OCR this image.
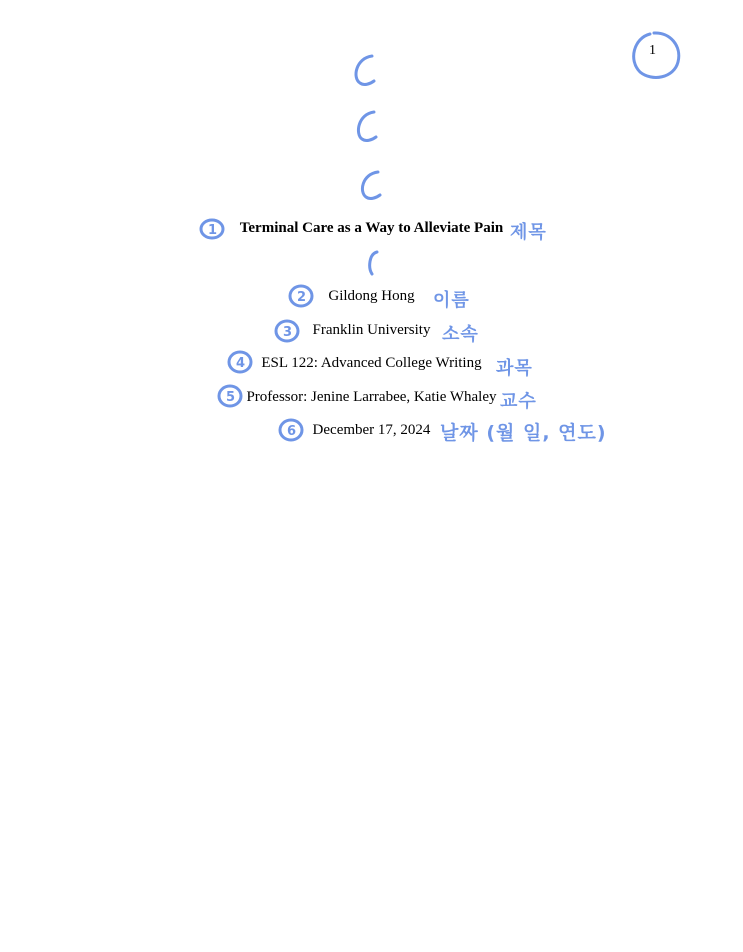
1
Terminal Care as a Way to Alleviate Pain
Gildong Hong
Franklin University
ESL 122: Advanced College Writing
Professor: Jenine Larrabee, Katie Whaley
December 17, 2024
제목
이름
소속
과목
교수
날짜 (월 일, 연도)
1
2
3
4
5
6
